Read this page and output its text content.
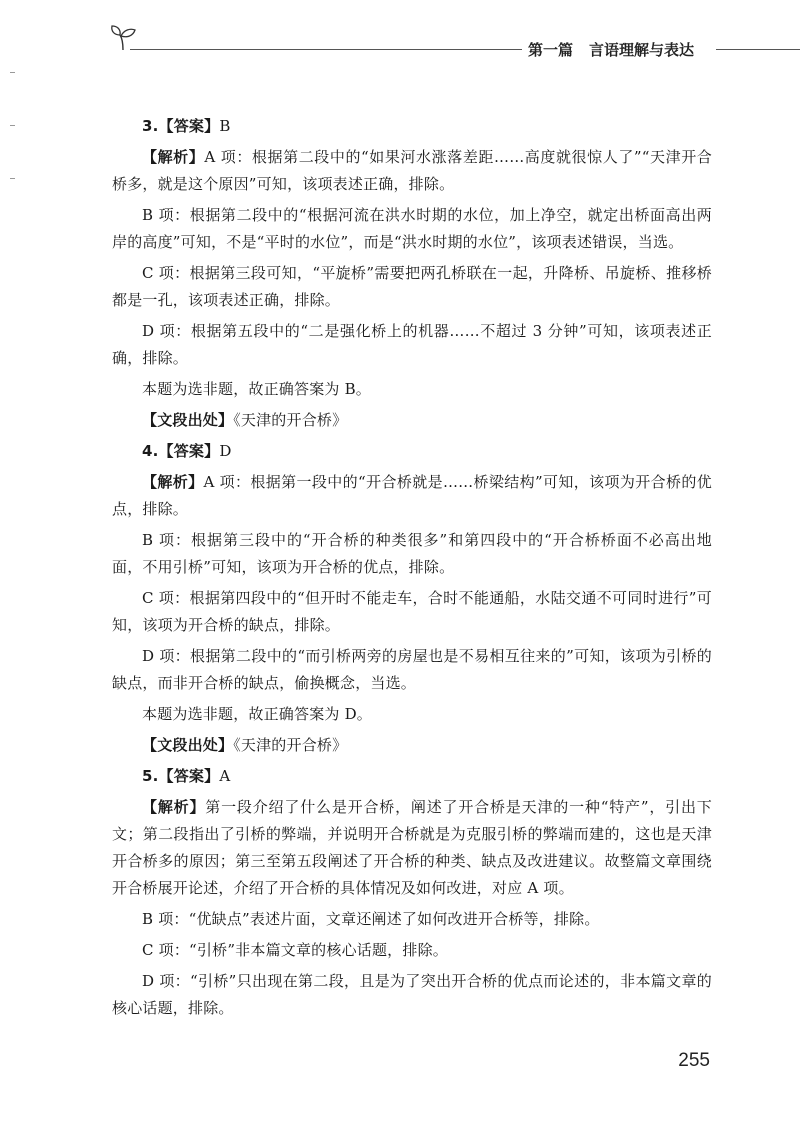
第一篇 言语理解与表达

3.【答案】B

【解析】A 项：根据第二段中的“如果河水涨落差距……高度就很惊人了”“天津开合桥多，就是这个原因”可知，该项表述正确，排除。

B 项：根据第二段中的“根据河流在洪水时期的水位，加上净空，就定出桥面高出两岸的高度”可知，不是“平时的水位”，而是“洪水时期的水位”，该项表述错误，当选。

C 项：根据第三段可知，“平旋桥”需要把两孔桥联在一起，升降桥、吊旋桥、推移桥都是一孔，该项表述正确，排除。

D 项：根据第五段中的“二是强化桥上的机器……不超过 3 分钟”可知，该项表述正确，排除。

本题为选非题，故正确答案为 B。

【文段出处】《天津的开合桥》

4.【答案】D

【解析】A 项：根据第一段中的“开合桥就是……桥梁结构”可知，该项为开合桥的优点，排除。

B 项：根据第三段中的“开合桥的种类很多”和第四段中的“开合桥桥面不必高出地面，不用引桥”可知，该项为开合桥的优点，排除。

C 项：根据第四段中的“但开时不能走车，合时不能通船，水陆交通不可同时进行”可知，该项为开合桥的缺点，排除。

D 项：根据第二段中的“而引桥两旁的房屋也是不易相互往来的”可知，该项为引桥的缺点，而非开合桥的缺点，偷换概念，当选。

本题为选非题，故正确答案为 D。

【文段出处】《天津的开合桥》

5.【答案】A

【解析】第一段介绍了什么是开合桥，阐述了开合桥是天津的一种“特产”，引出下文；第二段指出了引桥的弊端，并说明开合桥就是为克服引桥的弊端而建的，这也是天津开合桥多的原因；第三至第五段阐述了开合桥的种类、缺点及改进建议。故整篇文章围绕开合桥展开论述，介绍了开合桥的具体情况及如何改进，对应 A 项。

B 项：“优缺点”表述片面，文章还阐述了如何改进开合桥等，排除。

C 项：“引桥”非本篇文章的核心话题，排除。

D 项：“引桥”只出现在第二段，且是为了突出开合桥的优点而论述的，非本篇文章的核心话题，排除。

255
